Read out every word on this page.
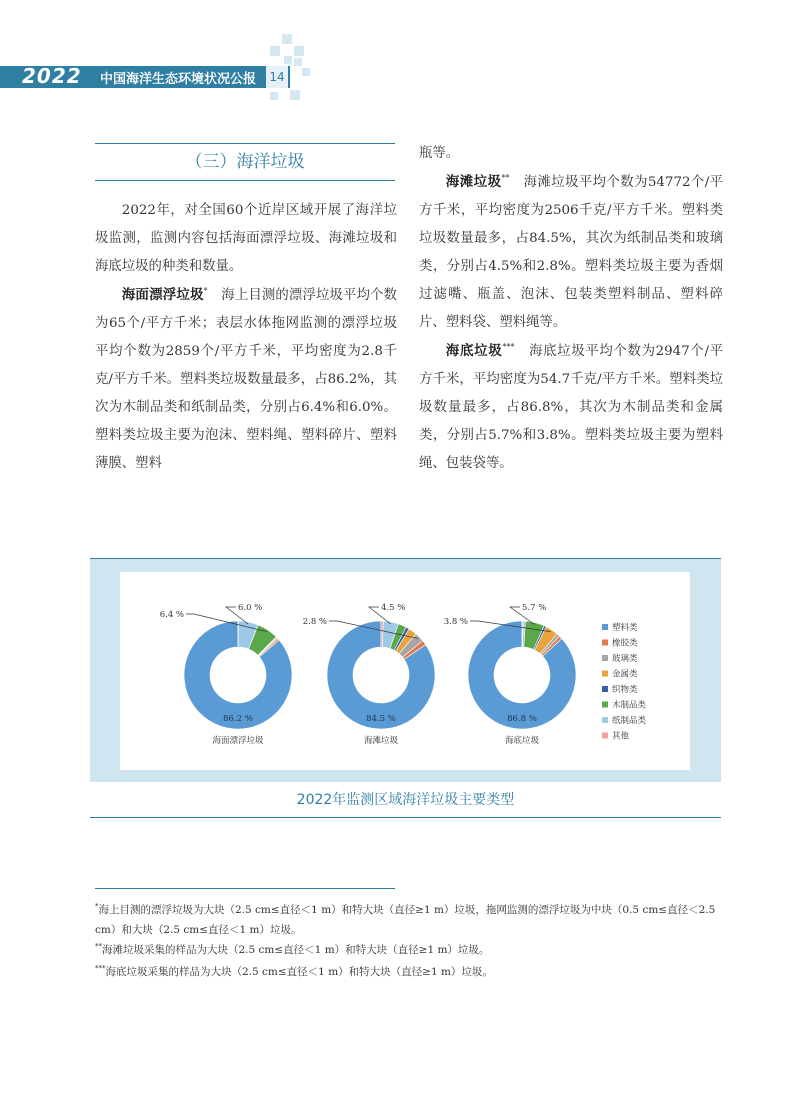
2022 中国海洋生态环境状况公报 14
（三）海洋垃圾

2022年，对全国60个近岸区域开展了海洋垃圾监测，监测内容包括海面漂浮垃圾、海滩垃圾和海底垃圾的种类和数量。

海面漂浮垃圾*　 海上目测的漂浮垃圾平均个数为65个/平方千米；表层水体拖网监测的漂浮垃圾平均个数为2859个/平方千米，平均密度为2.8千克/平方千米。塑料类垃圾数量最多，占86.2%，其次为木制品类和纸制品类，分别占6.4%和6.0%。塑料类垃圾主要为泡沫、塑料绳、塑料碎片、塑料薄膜、塑料

瓶等。

海滩垃圾**　 海滩垃圾平均个数为54772个/平方千米，平均密度为2506千克/平方千米。塑料类垃圾数量最多，占84.5%，其次为纸制品类和玻璃类，分别占4.5%和2.8%。塑料类垃圾主要为香烟过滤嘴、瓶盖、泡沫、包装类塑料制品、塑料碎片、塑料袋、塑料绳等。

海底垃圾***　 海底垃圾平均个数为2947个/平方千米，平均密度为54.7千克/平方千米。塑料类垃圾数量最多，占86.8%，其次为木制品类和金属类，分别占5.7%和3.8%。塑料类垃圾主要为塑料绳、包装袋等。

86.2 %
6.4 %
6.0 %
海面漂浮垃圾
84.5 %
2.8 %
4.5 %
海滩垃圾
86.8 %
3.8 %
5.7 %
海底垃圾
塑料类
橡胶类
玻璃类
金属类
织物类
木制品类
纸制品类
其他
2022年监测区域海洋垃圾主要类型
*海上目测的漂浮垃圾为大块（2.5 cm≤直径＜1 m）和特大块（直径≥1 m）垃圾，拖网监测的漂浮垃圾为中块（0.5 cm≤直径＜2.5 cm）和大块（2.5 cm≤直径＜1 m）垃圾。
**海滩垃圾采集的样品为大块（2.5 cm≤直径＜1 m）和特大块（直径≥1 m）垃圾。
***海底垃圾采集的样品为大块（2.5 cm≤直径＜1 m）和特大块（直径≥1 m）垃圾。
